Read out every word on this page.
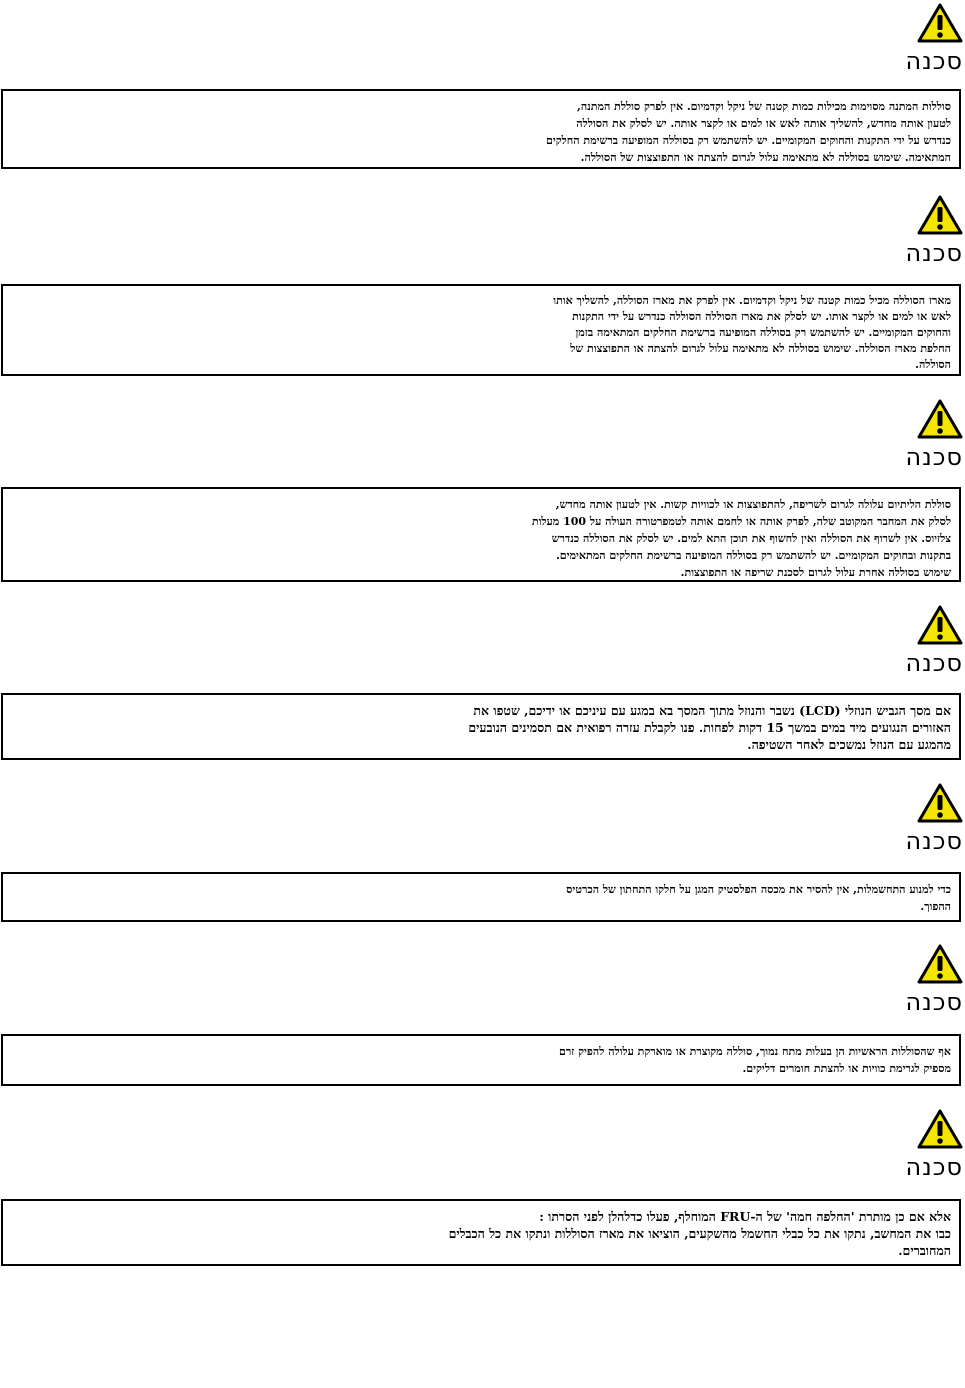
סכנה
סוללות המתנה מסוימות מכילות כמות קטנה של ניקל וקדמיום. אין לפרק סוללת המתנה,
לטעון אותה מחדש, להשליך אותה לאש או למים או לקצר אותה. יש לסלק את הסוללה
כנדרש על ידי התקנות והחוקים המקומיים. יש להשתמש רק בסוללה המופיעה ברשימת החלקים
המתאימה. שימוש בסוללה לא מתאימה עלול לגרום להצתה או התפוצצות של הסוללה.
סכנה
מארז הסוללה מכיל כמות קטנה של ניקל וקדמיום. אין לפרק את מארז הסוללה, להשליך אותו
לאש או למים או לקצר אותו. יש לסלק את מארז הסוללה הסוללה כנדרש על ידי התקנות
והחוקים המקומיים. יש להשתמש רק בסוללה המופיעה ברשימת החלקים המתאימה בזמן
החלפת מארז הסוללה. שימוש בסוללה לא מתאימה עלול לגרום להצתה או התפוצצות של
הסוללה.
סכנה
סוללת הליתיום עלולה לגרום לשריפה, להתפוצצות או לכוויות קשות. אין לטעון אותה מחדש,
לסלק את המחבר המקוטב שלה, לפרק אותה או לחמם אותה לטמפרטורה העולה על 100 מעלות
צלזיוס. אין לשרוף את הסוללה ואין לחשוף את תוכן התא למים. יש לסלק את הסוללה כנדרש
בתקנות ובחוקים המקומיים. יש להשתמש רק בסוללה המופיעה ברשימת החלקים המתאימים.
שימוש בסוללה אחרת עלול לגרום לסכנת שריפה או התפוצצות.
סכנה
אם מסך הגביש הנוזלי (LCD) נשבר והנוזל מתוך המסך בא במגע עם עיניכם או ידיכם, שטפו את
האזורים הנגועים מיד במים במשך 15 דקות לפחות. פנו לקבלת עזרה רפואית אם תסמינים הנובעים
מהמגע עם הנוזל נמשכים לאחר השטיפה.
סכנה
כדי למנוע התחשמלות, אין להסיר את מכסה הפלסטיק המגן על חלקו התחתון של הכרטיס
ההפוך.
סכנה
אף שהסוללות הראשיות הן בעלות מתח נמוך, סוללה מקוצרת או מוארקת עלולה להפיק זרם
מספיק לגרימת כוויות או להצתת חומרים דליקים.
סכנה
אלא אם כן מותרת 'החלפה חמה' של ה-FRU המוחלף, פעלו כדלהלן לפני הסרתו :
כבו את המחשב, נתקו את כל כבלי החשמל מהשקעים, הוציאו את מארז הסוללות ונתקו את כל הכבלים
המחוברים.
